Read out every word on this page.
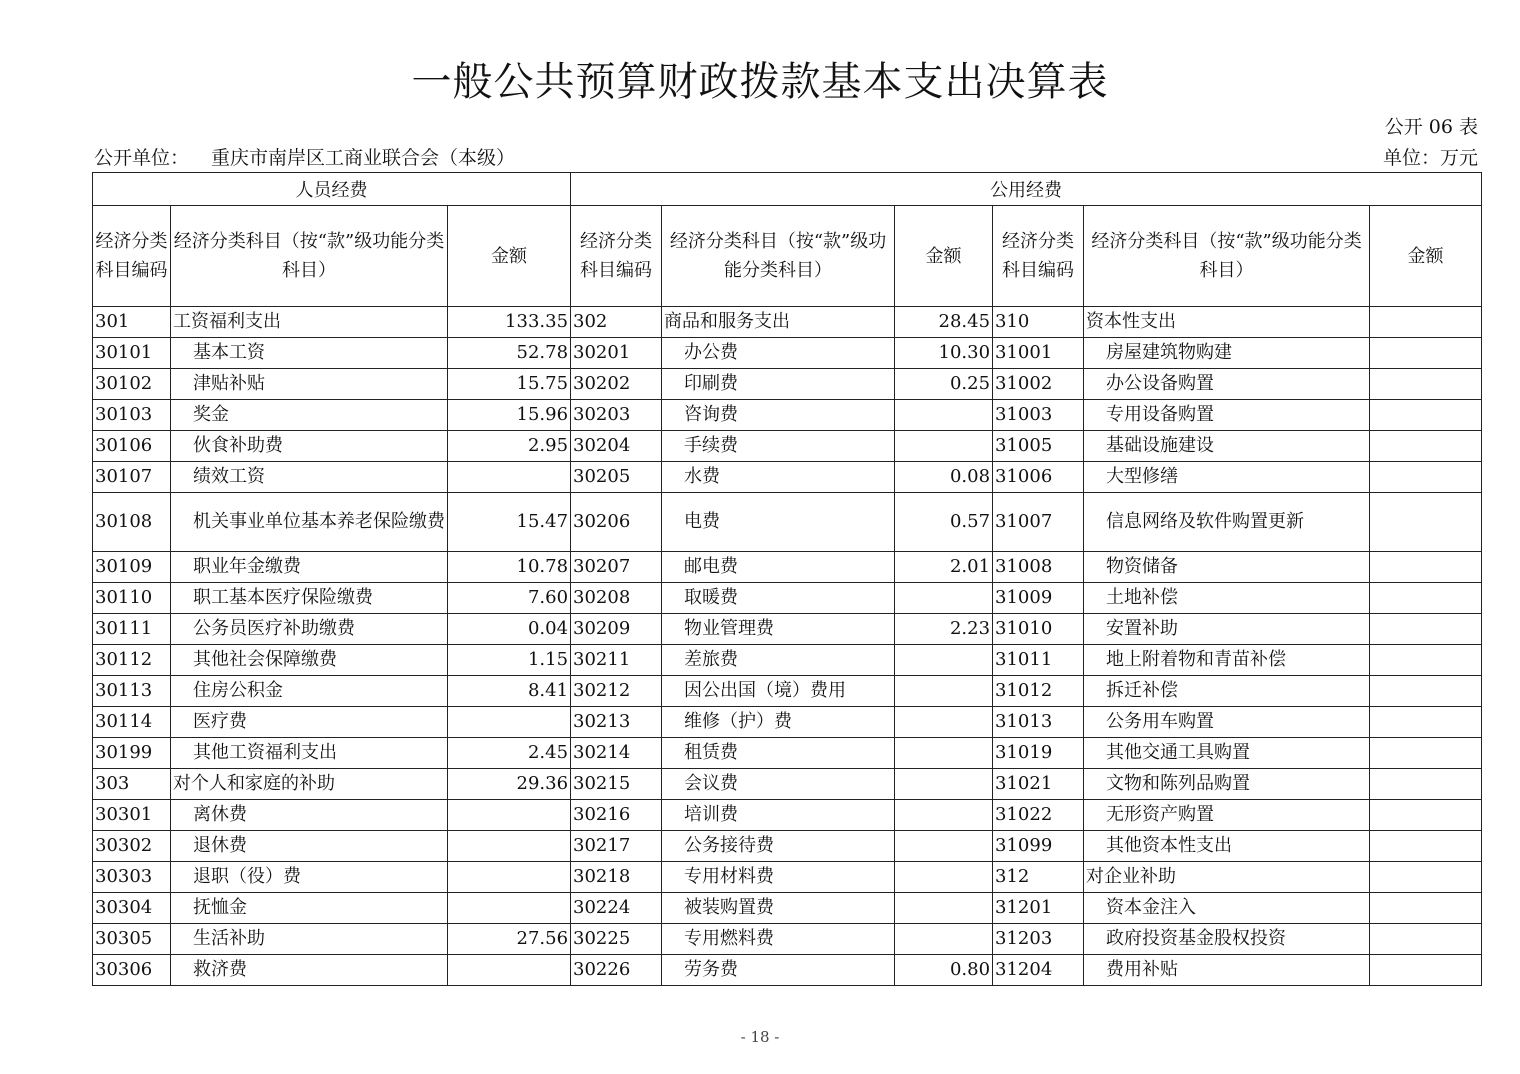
一般公共预算财政拨款基本支出决算表
公开 06 表
公开单位： 重庆市南岸区工商业联合会（本级）	单位：万元
人员经费			公用经费					
经济分类科目编码	经济分类科目（按“款”级功能分类科目）	金额	经济分类科目编码	经济分类科目（按“款”级功能分类科目）	金额	经济分类科目编码	经济分类科目（按“款”级功能分类科目）	金额
301	工资福利支出	133.35	302	商品和服务支出	28.45	310	资本性支出	
30101	基本工资	52.78	30201	办公费	10.30	31001	房屋建筑物购建	
30102	津贴补贴	15.75	30202	印刷费	0.25	31002	办公设备购置	
30103	奖金	15.96	30203	咨询费		31003	专用设备购置	
30106	伙食补助费	2.95	30204	手续费		31005	基础设施建设	
30107	绩效工资		30205	水费	0.08	31006	大型修缮	
30108	机关事业单位基本养老保险缴费	15.47	30206	电费	0.57	31007	信息网络及软件购置更新	
30109	职业年金缴费	10.78	30207	邮电费	2.01	31008	物资储备	
30110	职工基本医疗保险缴费	7.60	30208	取暖费		31009	土地补偿	
30111	公务员医疗补助缴费	0.04	30209	物业管理费	2.23	31010	安置补助	
30112	其他社会保障缴费	1.15	30211	差旅费		31011	地上附着物和青苗补偿	
30113	住房公积金	8.41	30212	因公出国（境）费用		31012	拆迁补偿	
30114	医疗费		30213	维修（护）费		31013	公务用车购置	
30199	其他工资福利支出	2.45	30214	租赁费		31019	其他交通工具购置	
303	对个人和家庭的补助	29.36	30215	会议费		31021	文物和陈列品购置	
30301	离休费		30216	培训费		31022	无形资产购置	
30302	退休费		30217	公务接待费		31099	其他资本性支出	
30303	退职（役）费		30218	专用材料费		312	对企业补助	
30304	抚恤金		30224	被装购置费		31201	资本金注入	
30305	生活补助	27.56	30225	专用燃料费		31203	政府投资基金股权投资	
30306	救济费		30226	劳务费	0.80	31204	费用补贴	
- 18 -
